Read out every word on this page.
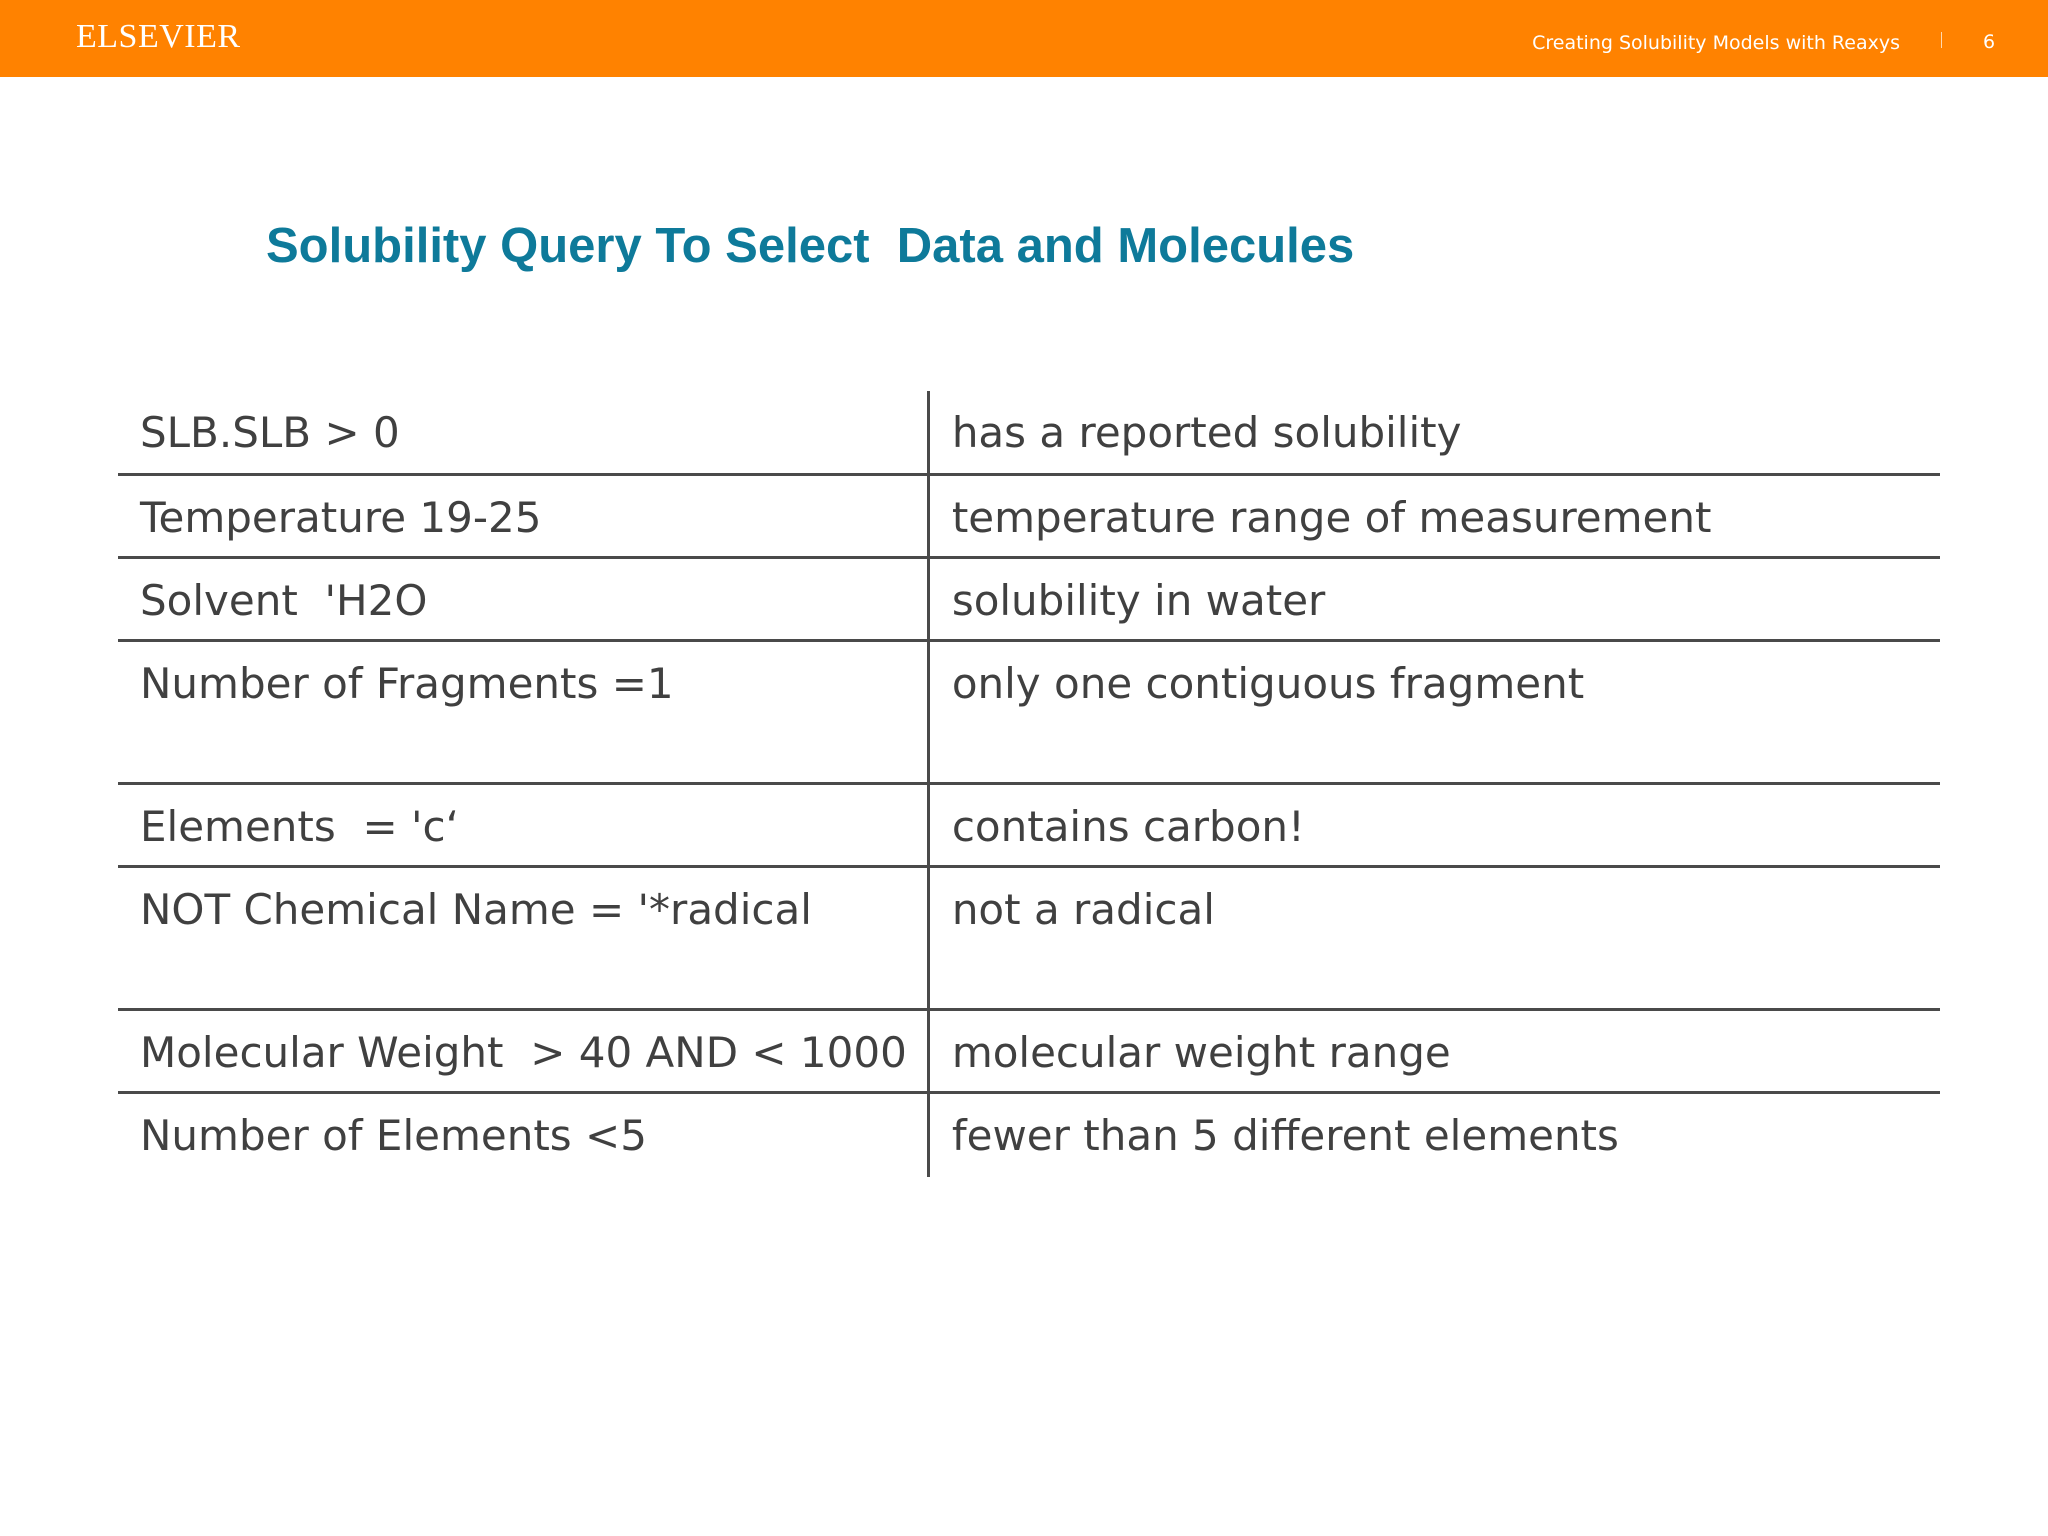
ELSEVIER	Creating Solubility Models with Reaxys	6
Solubility Query To Select  Data and Molecules
SLB.SLB > 0	has a reported solubility
Temperature 19-25	temperature range of measurement
Solvent  'H2O	solubility in water
Number of Fragments =1	only one contiguous fragment
Elements  = 'c‘	contains carbon!
NOT Chemical Name = '*radical	not a radical
Molecular Weight  > 40 AND < 1000	molecular weight range
Number of Elements <5	fewer than 5 different elements
